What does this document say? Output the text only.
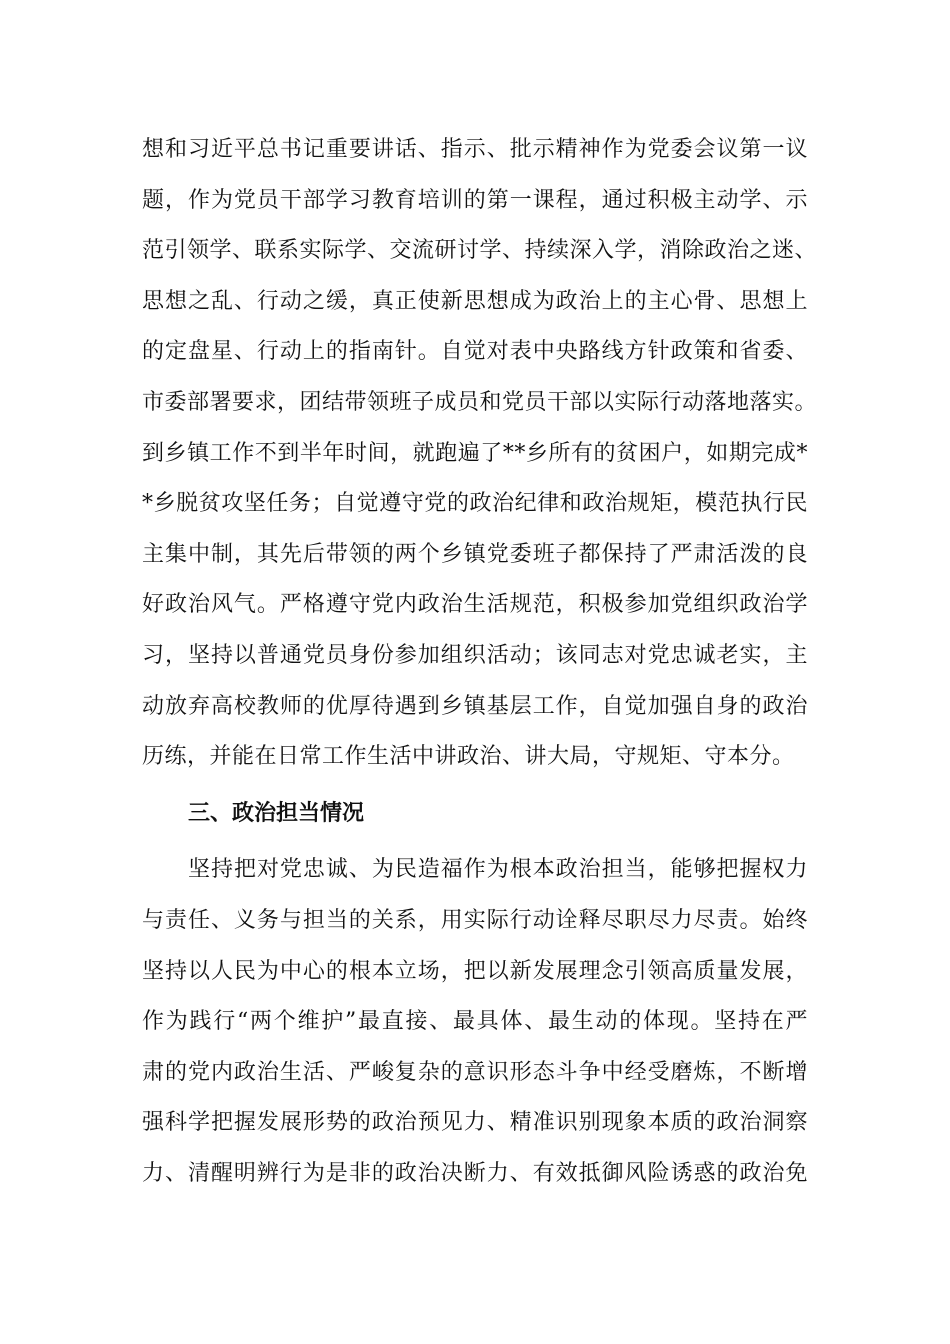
想和习近平总书记重要讲话、指示、批示精神作为党委会议第一议
题，作为党员干部学习教育培训的第一课程，通过积极主动学、示
范引领学、联系实际学、交流研讨学、持续深入学，消除政治之迷、
思想之乱、行动之缓，真正使新思想成为政治上的主心骨、思想上
的定盘星、行动上的指南针。自觉对表中央路线方针政策和省委、
市委部署要求，团结带领班子成员和党员干部以实际行动落地落实。
到乡镇工作不到半年时间，就跑遍了**乡所有的贫困户，如期完成*
*乡脱贫攻坚任务；自觉遵守党的政治纪律和政治规矩，模范执行民
主集中制，其先后带领的两个乡镇党委班子都保持了严肃活泼的良
好政治风气。严格遵守党内政治生活规范，积极参加党组织政治学
习，坚持以普通党员身份参加组织活动；该同志对党忠诚老实，主
动放弃高校教师的优厚待遇到乡镇基层工作，自觉加强自身的政治
历练，并能在日常工作生活中讲政治、讲大局，守规矩、守本分。
三、政治担当情况
坚持把对党忠诚、为民造福作为根本政治担当，能够把握权力
与责任、义务与担当的关系，用实际行动诠释尽职尽力尽责。始终
坚持以人民为中心的根本立场，把以新发展理念引领高质量发展，
作为践行“两个维护”最直接、最具体、最生动的体现。坚持在严
肃的党内政治生活、严峻复杂的意识形态斗争中经受磨炼，不断增
强科学把握发展形势的政治预见力、精准识别现象本质的政治洞察
力、清醒明辨行为是非的政治决断力、有效抵御风险诱惑的政治免
